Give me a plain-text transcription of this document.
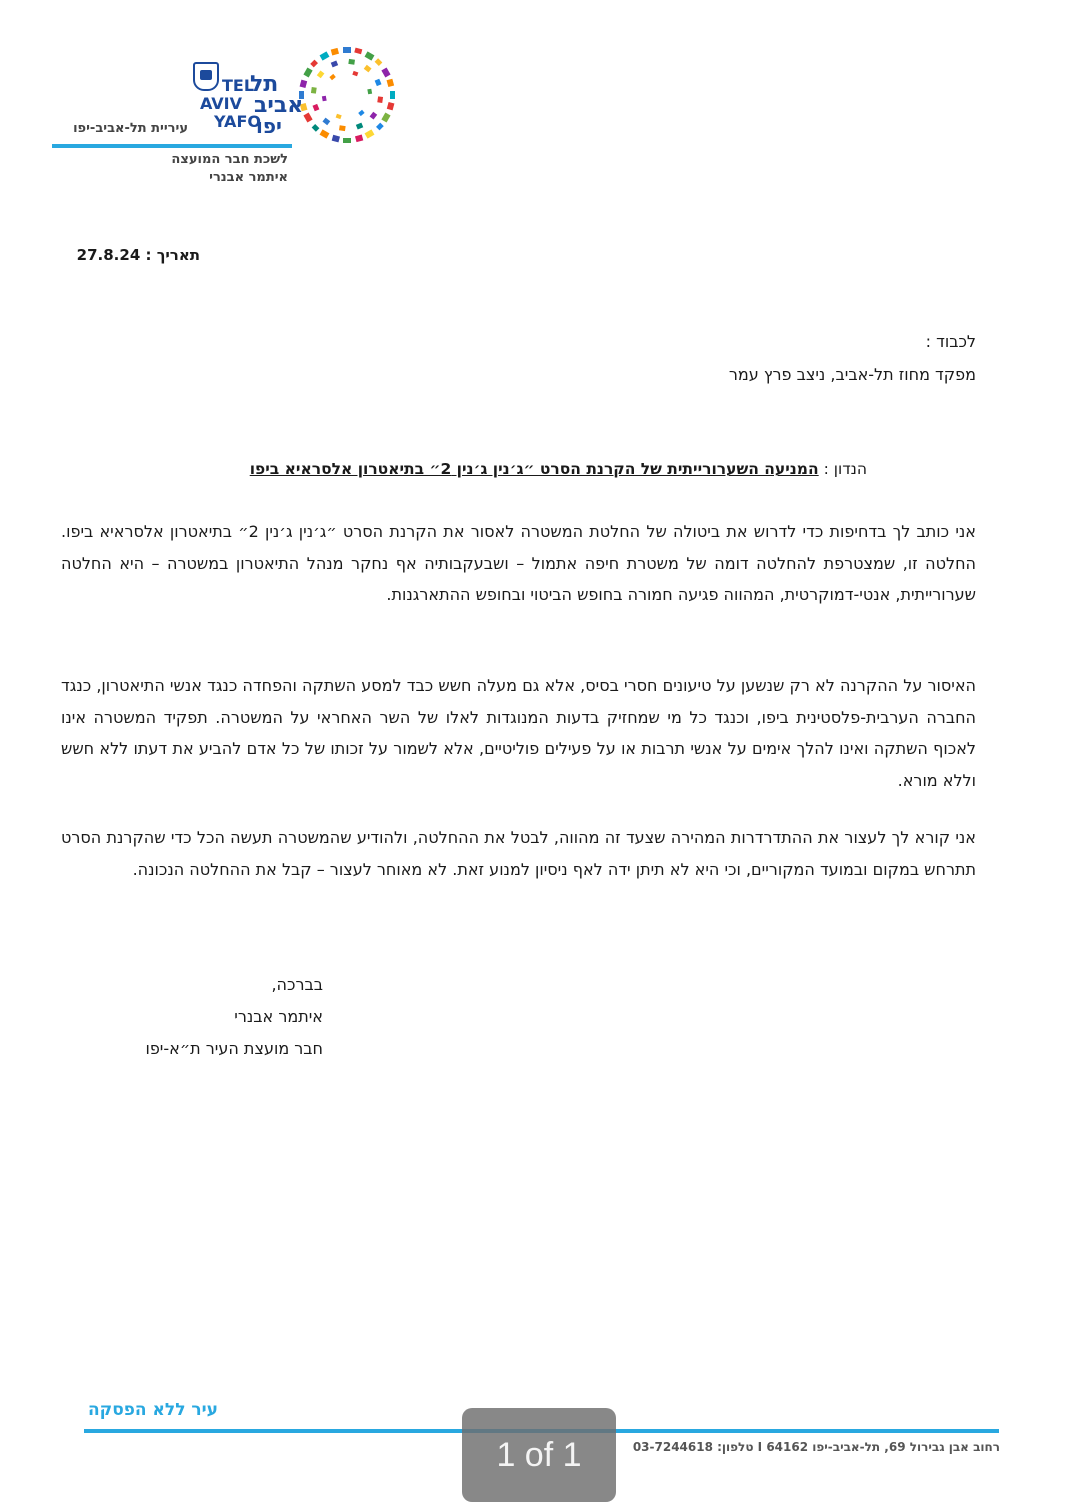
TEL
AVIV
YAFO
תל
אביב
יפו
עיריית תל-אביב-יפו
לשכת חבר המועצה
איתמר אבנרי
תאריך : 27.8.24
לכבוד :
מפקד מחוז תל-אביב, ניצב פרץ עמר
הנדון : המניעה השערורייתית של הקרנת הסרט ״ג׳נין ג׳נין 2״ בתיאטרון אלסראיא ביפו
אני כותב לך בדחיפות כדי לדרוש את ביטולה של החלטת המשטרה לאסור את הקרנת הסרט ״ג׳נין ג׳נין 2״ בתיאטרון אלסראיא ביפו. החלטה זו, שמצטרפת להחלטה דומה של משטרת חיפה אתמול – ושבעקבותיה אף נחקר מנהל התיאטרון במשטרה – היא החלטה שערורייתית, אנטי-דמוקרטית, המהווה פגיעה חמורה בחופש הביטוי ובחופש ההתארגנות.
האיסור על ההקרנה לא רק שנשען על טיעונים חסרי בסיס, אלא גם מעלה חשש כבד למסע השתקה והפחדה כנגד אנשי התיאטרון, כנגד החברה הערבית-פלסטינית ביפו, וכנגד כל מי שמחזיק בדעות המנוגדות לאלו של השר האחראי על המשטרה. תפקיד המשטרה אינו לאכוף השתקה ואינו להלך אימים על אנשי תרבות או על פעילים פוליטיים, אלא לשמור על זכותו של כל אדם להביע את דעתו ללא חשש וללא מורא.
אני קורא לך לעצור את ההתדרדרות המהירה שצעד זה מהווה, לבטל את ההחלטה, ולהודיע שהמשטרה תעשה הכל כדי שהקרנת הסרט תתרחש במקום ובמועד המקוריים, וכי היא לא תיתן ידה לאף ניסיון למנוע זאת. לא מאוחר לעצור – קבל את ההחלטה הנכונה.
בברכה,
איתמר אבנרי
חבר מועצת העיר ת״א-יפו
עיר ללא הפסקה
רחוב אבן גבירול 69, תל-אביב-יפו 64162 I טלפון: 03-7244618
1 of 1
